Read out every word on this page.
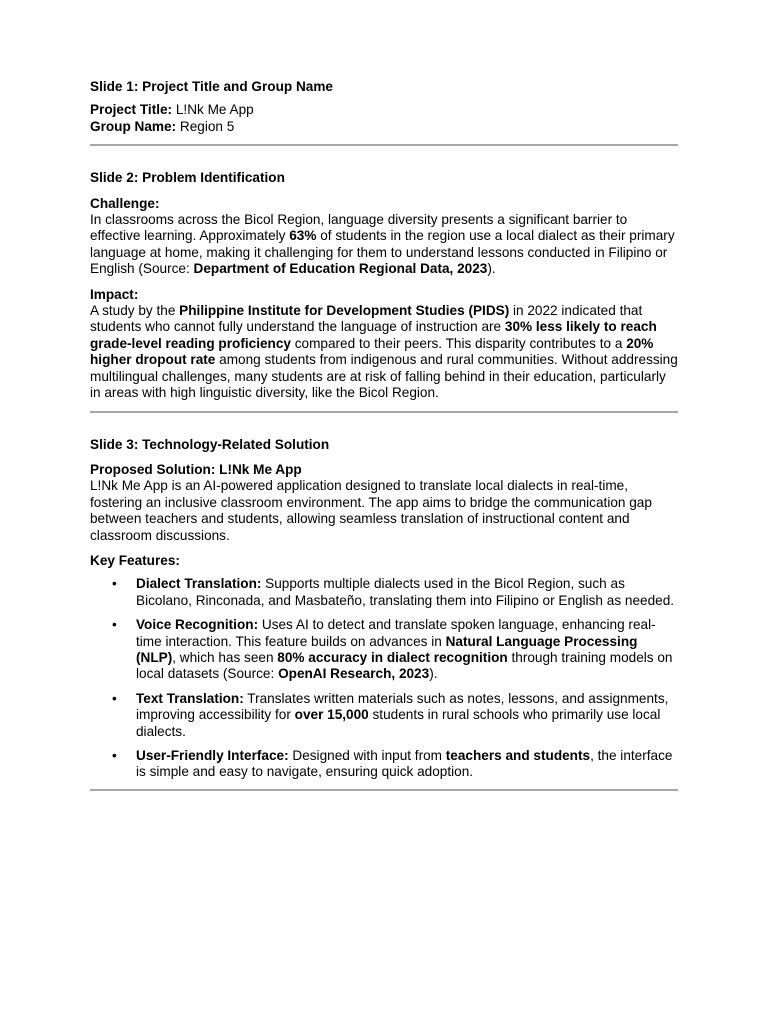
Slide 1: Project Title and Group Name

Project Title: L!Nk Me App
Group Name: Region 5

Slide 2: Problem Identification

Challenge:
In classrooms across the Bicol Region, language diversity presents a significant barrier to effective learning. Approximately 63% of students in the region use a local dialect as their primary language at home, making it challenging for them to understand lessons conducted in Filipino or English (Source: Department of Education Regional Data, 2023).

Impact:
A study by the Philippine Institute for Development Studies (PIDS) in 2022 indicated that students who cannot fully understand the language of instruction are 30% less likely to reach grade-level reading proficiency compared to their peers. This disparity contributes to a 20% higher dropout rate among students from indigenous and rural communities. Without addressing multilingual challenges, many students are at risk of falling behind in their education, particularly in areas with high linguistic diversity, like the Bicol Region.

Slide 3: Technology-Related Solution

Proposed Solution: L!Nk Me App
L!Nk Me App is an AI-powered application designed to translate local dialects in real-time, fostering an inclusive classroom environment. The app aims to bridge the communication gap between teachers and students, allowing seamless translation of instructional content and classroom discussions.

Key Features:
• Dialect Translation: Supports multiple dialects used in the Bicol Region, such as Bicolano, Rinconada, and Masbateño, translating them into Filipino or English as needed.
• Voice Recognition: Uses AI to detect and translate spoken language, enhancing real-time interaction. This feature builds on advances in Natural Language Processing (NLP), which has seen 80% accuracy in dialect recognition through training models on local datasets (Source: OpenAI Research, 2023).
• Text Translation: Translates written materials such as notes, lessons, and assignments, improving accessibility for over 15,000 students in rural schools who primarily use local dialects.
• User-Friendly Interface: Designed with input from teachers and students, the interface is simple and easy to navigate, ensuring quick adoption.
